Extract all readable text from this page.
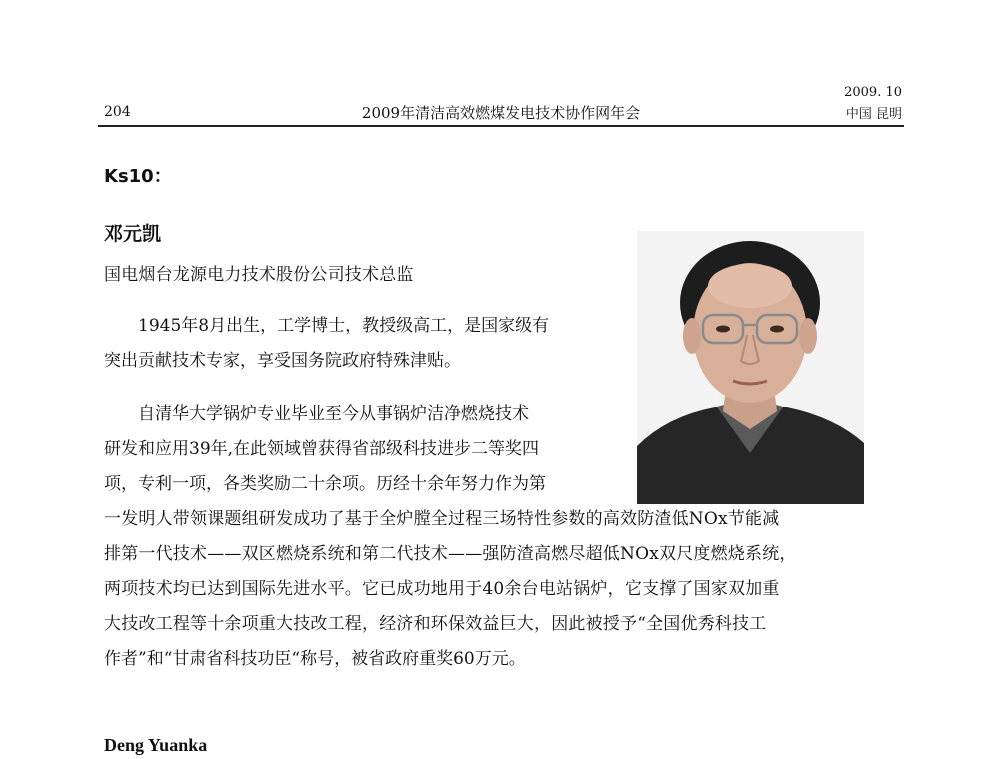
204	2009年清洁高效燃煤发电技术协作网年会
2009. 10
中国 昆明
Ks10：
邓元凯
国电烟台龙源电力技术股份公司技术总监
　　1945年8月出生，工学博士，教授级高工，是国家级有
突出贡献技术专家，享受国务院政府特殊津贴。
　　自清华大学锅炉专业毕业至今从事锅炉洁净燃烧技术
研发和应用39年,在此领域曾获得省部级科技进步二等奖四
项，专利一项，各类奖励二十余项。历经十余年努力作为第
一发明人带领课题组研发成功了基于全炉膛全过程三场特性参数的高效防渣低NOx节能减
排第一代技术——双区燃烧系统和第二代技术——强防渣高燃尽超低NOx双尺度燃烧系统，
两项技术均已达到国际先进水平。它已成功地用于40余台电站锅炉，它支撑了国家双加重
大技改工程等十余项重大技改工程，经济和环保效益巨大，因此被授予“全国优秀科技工
作者”和“甘肃省科技功臣“称号，被省政府重奖60万元。
Deng Yuanka
